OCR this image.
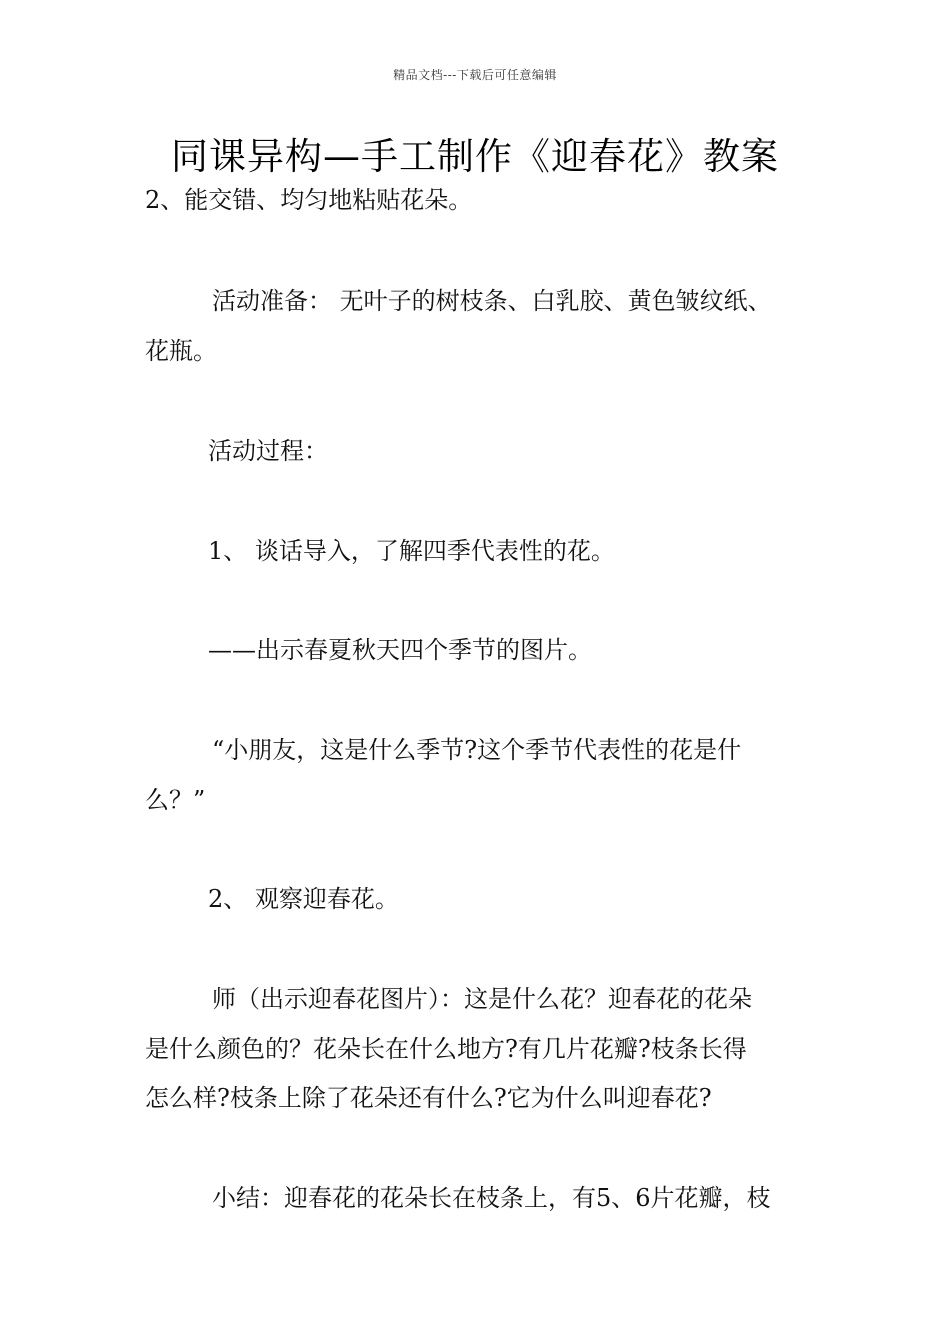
精品文档---下载后可任意编辑
同课异构—手工制作《迎春花》教案
2、能交错、均匀地粘贴花朵。
活动准备： 无叶子的树枝条、白乳胶、黄色皱纹纸、
花瓶。
活动过程：
1、 谈话导入，了解四季代表性的花。
——出示春夏秋天四个季节的图片。
“小朋友，这是什么季节?这个季节代表性的花是什
么？”
2、 观察迎春花。
师（出示迎春花图片）：这是什么花？迎春花的花朵
是什么颜色的？花朵长在什么地方?有几片花瓣?枝条长得
怎么样?枝条上除了花朵还有什么?它为什么叫迎春花?
小结：迎春花的花朵长在枝条上，有5、6片花瓣，枝
